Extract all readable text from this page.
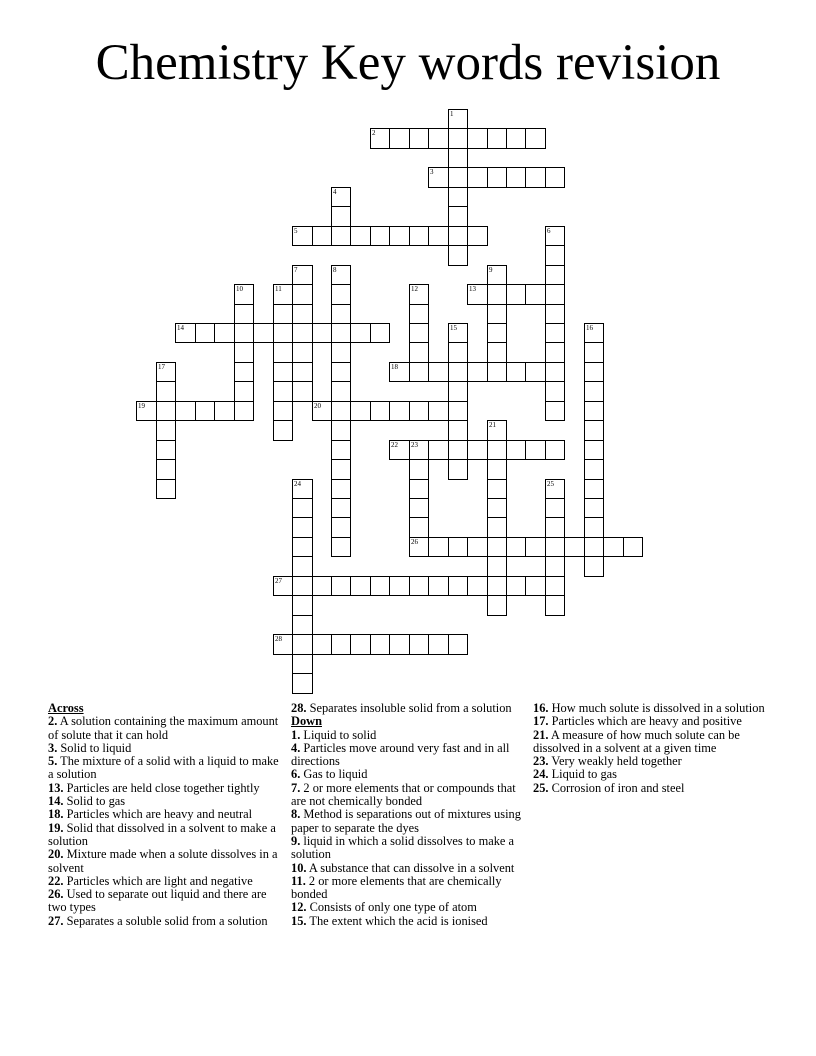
Chemistry Key words revision
1
2
3
4
5	6
7	8	9
10	11	12	13
14	15	16
17	18
19	20
21
22 23
26
24	25
27
28
Across

2. A solution containing the maximum amount of solute that it can hold

3. Solid to liquid

5. The mixture of a solid with a liquid to make a solution

13. Particles are held close together tightly

14. Solid to gas

18. Particles which are heavy and neutral

19. Solid that dissolved in a solvent to make a solution

20. Mixture made when a solute dissolves in a solvent

22. Particles which are light and negative

26. Used to separate out liquid and there are two types

27. Separates a soluble solid from a solution

28. Separates insoluble solid from a solution

Down

1. Liquid to solid

4. Particles move around very fast and in all directions

6. Gas to liquid

7. 2 or more elements that or compounds that are not chemically bonded

8. Method is separations out of mixtures using paper to separate the dyes

9. liquid in which a solid dissolves to make a solution

10. A substance that can dissolve in a solvent

11. 2 or more elements that are chemically bonded

12. Consists of only one type of atom

15. The extent which the acid is ionised

16. How much solute is dissolved in a solution

17. Particles which are heavy and positive

21. A measure of how much solute can be dissolved in a solvent at a given time

23. Very weakly held together

24. Liquid to gas

25. Corrosion of iron and steel
